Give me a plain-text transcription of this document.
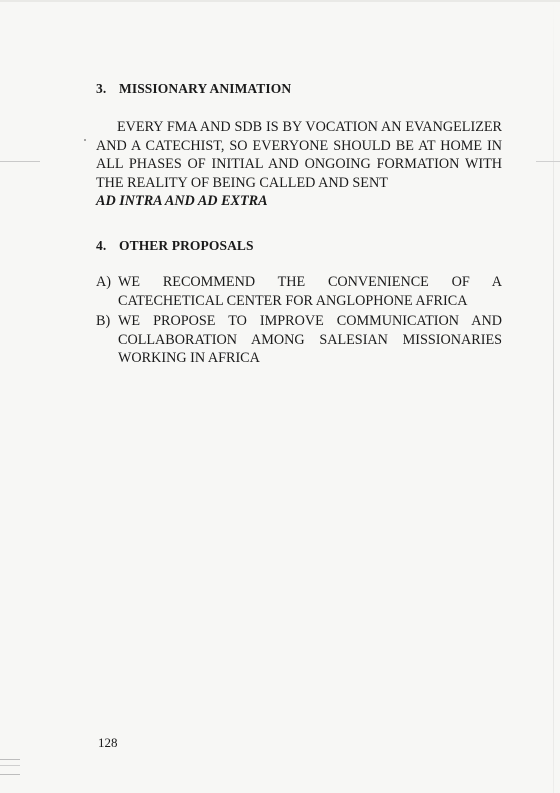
3. MISSIONARY ANIMATION

EVERY FMA AND SDB IS BY VOCATION AN EVANGELIZER AND A CATECHIST, SO EVERYONE SHOULD BE AT HOME IN ALL PHASES OF INITIAL AND ONGOING FORMATION WITH THE REALITY OF BEING CALLED AND SENT
AD INTRA AND AD EXTRA

4. OTHER PROPOSALS
A) WE RECOMMEND THE CONVENIENCE OF A CATECHETICAL CENTER FOR ANGLOPHONE AFRICA
B) WE PROPOSE TO IMPROVE COMMUNICATION AND COLLABORATION AMONG SALESIAN MISSIONARIES WORKING IN AFRICA
128
